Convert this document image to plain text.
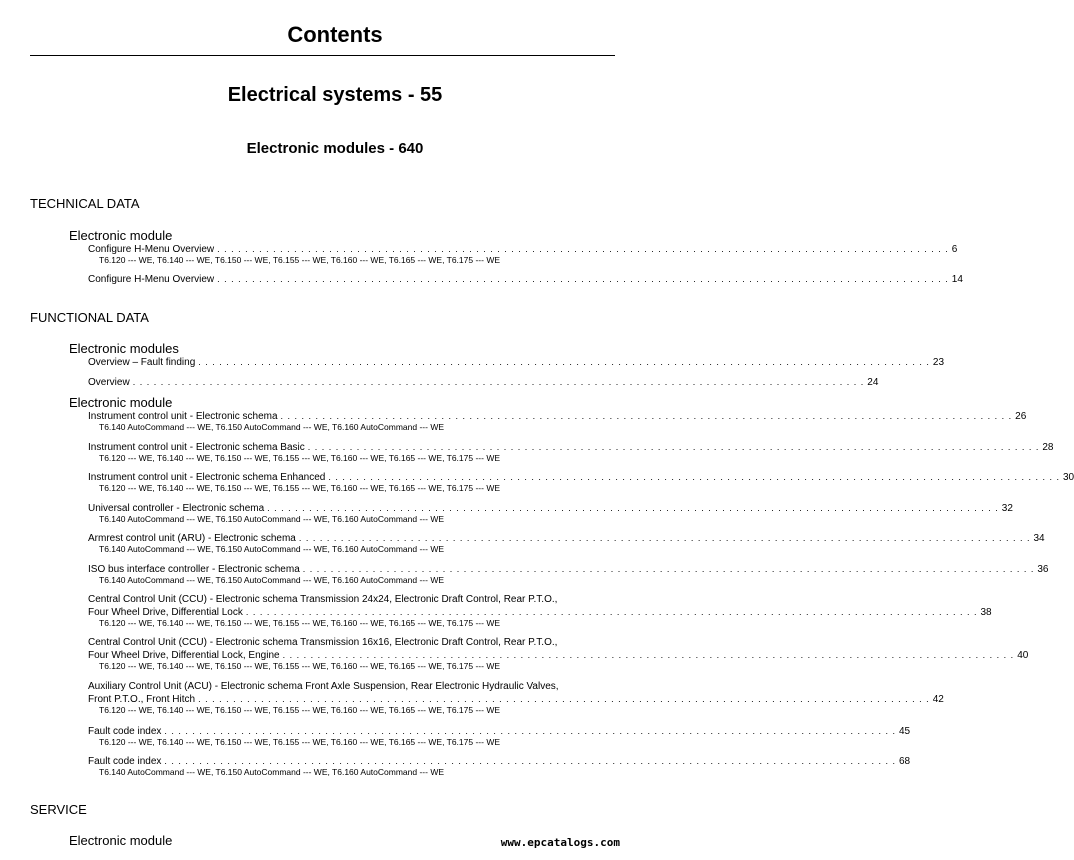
Contents
Electrical systems - 55
Electronic modules - 640
TECHNICAL DATA
Electronic module
Configure H-Menu Overview . . . . . . . . . . . . . . . . . . . . . . . . . . . . . . . . . . . . . . . . . . . . . . . . . . . . . . . . . . . . . . . . . . . . . . . . . . . . . . . . . . . . . . . . . . . . . . . . . . . . . . . . . 6
T6.120 --- WE, T6.140 --- WE, T6.150 --- WE, T6.155 --- WE, T6.160 --- WE, T6.165 --- WE, T6.175 --- WE
Configure H-Menu Overview . . . . . . . . . . . . . . . . . . . . . . . . . . . . . . . . . . . . . . . . . . . . . . . . . . . . . . . . . . . . . . . . . . . . . . . . . . . . . . . . . . . . . . . . . . . . . . . . . . . . . . . . . 14
FUNCTIONAL DATA
Electronic modules
Overview – Fault finding . . . . . . . . . . . . . . . . . . . . . . . . . . . . . . . . . . . . . . . . . . . . . . . . . . . . . . . . . . . . . . . . . . . . . . . . . . . . . . . . . . . . . . . . . . . . . . . . . . . . . . . . . 23
Overview . . . . . . . . . . . . . . . . . . . . . . . . . . . . . . . . . . . . . . . . . . . . . . . . . . . . . . . . . . . . . . . . . . . . . . . . . . . . . . . . . . . . . . . . . . . . . . . . . . . . . . . . . 24
Electronic module
Instrument control unit - Electronic schema . . . . . . . . . . . . . . . . . . . . . . . . . . . . . . . . . . . . . . . . . . . . . . . . . . . . . . . . . . . . . . . . . . . . . . . . . . . . . . . . . . . . . . . . . . . . . . . . . . . . . . . . . 26
T6.140 AutoCommand --- WE, T6.150 AutoCommand --- WE, T6.160 AutoCommand --- WE
Instrument control unit - Electronic schema Basic . . . . . . . . . . . . . . . . . . . . . . . . . . . . . . . . . . . . . . . . . . . . . . . . . . . . . . . . . . . . . . . . . . . . . . . . . . . . . . . . . . . . . . . . . . . . . . . . . . . . . . . . . 28
T6.120 --- WE, T6.140 --- WE, T6.150 --- WE, T6.155 --- WE, T6.160 --- WE, T6.165 --- WE, T6.175 --- WE
Instrument control unit - Electronic schema Enhanced . . . . . . . . . . . . . . . . . . . . . . . . . . . . . . . . . . . . . . . . . . . . . . . . . . . . . . . . . . . . . . . . . . . . . . . . . . . . . . . . . . . . . . . . . . . . . . . . . . . . . . . . . 30
T6.120 --- WE, T6.140 --- WE, T6.150 --- WE, T6.155 --- WE, T6.160 --- WE, T6.165 --- WE, T6.175 --- WE
Universal controller - Electronic schema . . . . . . . . . . . . . . . . . . . . . . . . . . . . . . . . . . . . . . . . . . . . . . . . . . . . . . . . . . . . . . . . . . . . . . . . . . . . . . . . . . . . . . . . . . . . . . . . . . . . . . . . . 32
T6.140 AutoCommand --- WE, T6.150 AutoCommand --- WE, T6.160 AutoCommand --- WE
Armrest control unit (ARU) - Electronic schema . . . . . . . . . . . . . . . . . . . . . . . . . . . . . . . . . . . . . . . . . . . . . . . . . . . . . . . . . . . . . . . . . . . . . . . . . . . . . . . . . . . . . . . . . . . . . . . . . . . . . . . . . 34
T6.140 AutoCommand --- WE, T6.150 AutoCommand --- WE, T6.160 AutoCommand --- WE
ISO bus interface controller - Electronic schema . . . . . . . . . . . . . . . . . . . . . . . . . . . . . . . . . . . . . . . . . . . . . . . . . . . . . . . . . . . . . . . . . . . . . . . . . . . . . . . . . . . . . . . . . . . . . . . . . . . . . . . . . 36
T6.140 AutoCommand --- WE, T6.150 AutoCommand --- WE, T6.160 AutoCommand --- WE
Central Control Unit (CCU) - Electronic schema Transmission 24x24, Electronic Draft Control, Rear P.T.O.,
Four Wheel Drive, Differential Lock . . . . . . . . . . . . . . . . . . . . . . . . . . . . . . . . . . . . . . . . . . . . . . . . . . . . . . . . . . . . . . . . . . . . . . . . . . . . . . . . . . . . . . . . . . . . . . . . . . . . . . . . . 38
T6.120 --- WE, T6.140 --- WE, T6.150 --- WE, T6.155 --- WE, T6.160 --- WE, T6.165 --- WE, T6.175 --- WE
Central Control Unit (CCU) - Electronic schema Transmission 16x16, Electronic Draft Control, Rear P.T.O.,
Four Wheel Drive, Differential Lock, Engine . . . . . . . . . . . . . . . . . . . . . . . . . . . . . . . . . . . . . . . . . . . . . . . . . . . . . . . . . . . . . . . . . . . . . . . . . . . . . . . . . . . . . . . . . . . . . . . . . . . . . . . . . 40
T6.120 --- WE, T6.140 --- WE, T6.150 --- WE, T6.155 --- WE, T6.160 --- WE, T6.165 --- WE, T6.175 --- WE
Auxiliary Control Unit (ACU) - Electronic schema Front Axle Suspension, Rear Electronic Hydraulic Valves,
Front P.T.O., Front Hitch . . . . . . . . . . . . . . . . . . . . . . . . . . . . . . . . . . . . . . . . . . . . . . . . . . . . . . . . . . . . . . . . . . . . . . . . . . . . . . . . . . . . . . . . . . . . . . . . . . . . . . . . . 42
T6.120 --- WE, T6.140 --- WE, T6.150 --- WE, T6.155 --- WE, T6.160 --- WE, T6.165 --- WE, T6.175 --- WE
Fault code index . . . . . . . . . . . . . . . . . . . . . . . . . . . . . . . . . . . . . . . . . . . . . . . . . . . . . . . . . . . . . . . . . . . . . . . . . . . . . . . . . . . . . . . . . . . . . . . . . . . . . . . . . 45
T6.120 --- WE, T6.140 --- WE, T6.150 --- WE, T6.155 --- WE, T6.160 --- WE, T6.165 --- WE, T6.175 --- WE
Fault code index . . . . . . . . . . . . . . . . . . . . . . . . . . . . . . . . . . . . . . . . . . . . . . . . . . . . . . . . . . . . . . . . . . . . . . . . . . . . . . . . . . . . . . . . . . . . . . . . . . . . . . . . . 68
T6.140 AutoCommand --- WE, T6.150 AutoCommand --- WE, T6.160 AutoCommand --- WE
SERVICE
Electronic module	www.epcatalogs.com
